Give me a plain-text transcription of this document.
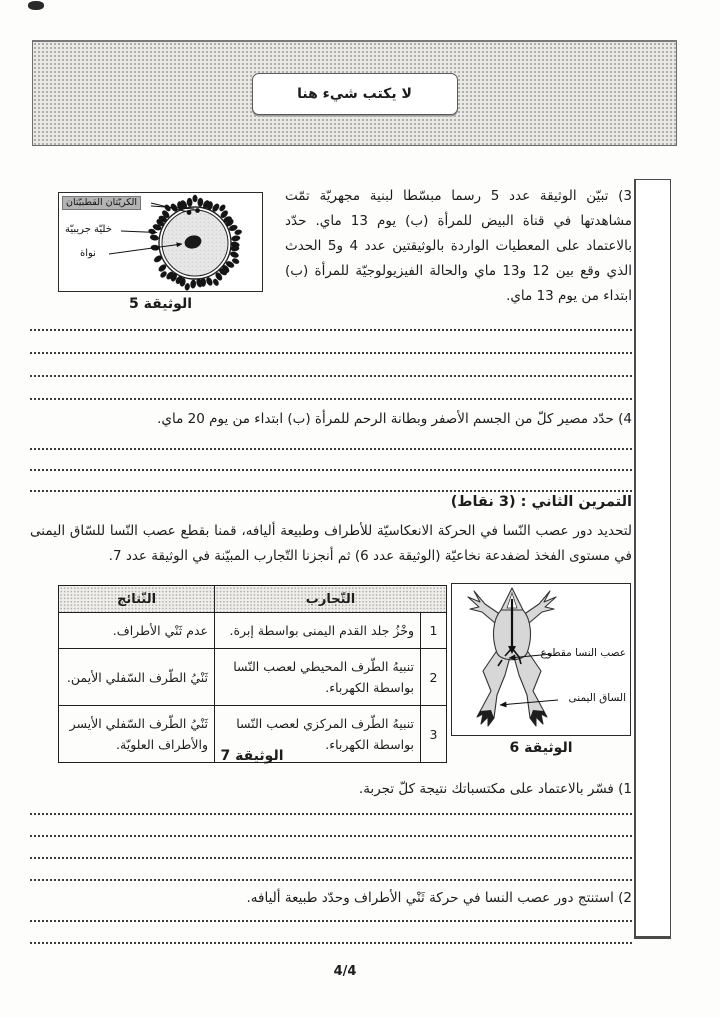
لا يكتب شيء هنا
3) تبيّن الوثيقة عدد 5 رسما مبسّطا لبنية مجهريّة تمّت مشاهدتها في قناة البيض للمرأة (ب) يوم 13 ماي. حدّد بالاعتماد على المعطيات الواردة بالوثيقتين عدد 4 و5 الحدث الذي وقع بين 12 و13 ماي والحالة الفيزيولوجيّة للمرأة (ب) ابتداء من يوم 13 ماي.
الكريّتان القطبيّتان
خليّة جريبيّة
نواة
الوثيقة 5
4) حدّد مصير كلّ من الجسم الأصفر وبطانة الرحم للمرأة (ب) ابتداء من يوم 20 ماي.
التمرين الثاني : (3 نقاط)
لتحديد دور عصب النّسا في الحركة الانعكاسيّة للأطراف وطبيعة أليافه، قمنا بقطع عصب النّسا للسّاق اليمنى في مستوى الفخذ لضفدعة نخاعيّة (الوثيقة عدد 6) ثم أنجزنا التّجارب المبيّنة في الوثيقة عدد 7.
التّجارب		النّتائج
1	وخْزُ جلد القدم اليمنى بواسطة إبرة.	عدم ثَنْي الأطراف.
2	تنبيهُ الطّرف المحيطي لعصب النّسا بواسطة الكهرباء.	ثَنْيُ الطّرف السّفلي الأيمن.
3	تنبيهُ الطّرف المركزي لعصب النّسا بواسطة الكهرباء.	ثَنْيُ الطّرف السّفلي الأيسر والأطراف العلويّة.
الوثيقة 7
عصب النسا مقطوع
الساق اليمنى
الوثيقة 6
1) فسّر بالاعتماد على مكتسباتك نتيجة كلّ تجربة.
2) استنتج دور عصب النسا في حركة ثَنْي الأطراف وحدّد طبيعة أليافه.
4/4
